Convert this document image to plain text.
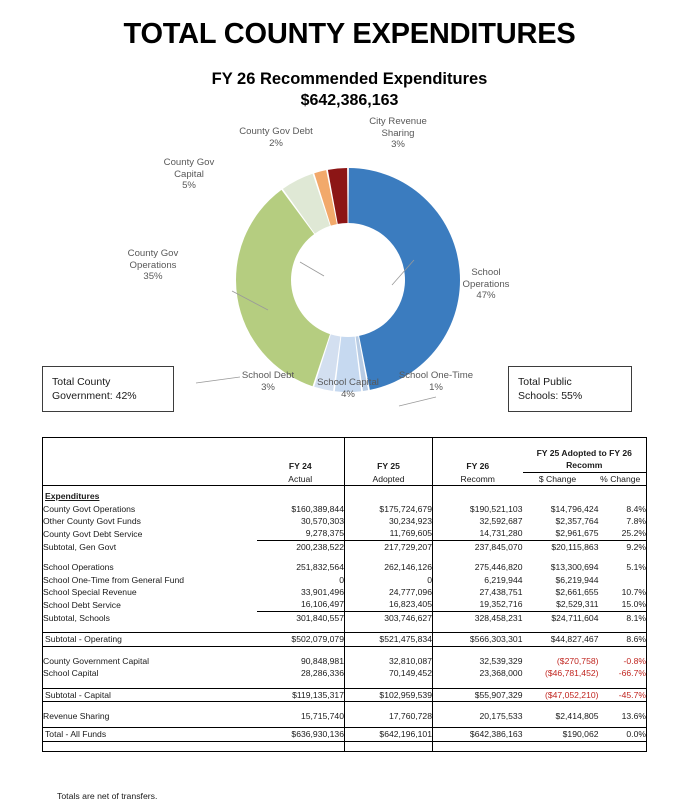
TOTAL COUNTY EXPENDITURES
FY 26 Recommended Expenditures
$642,386,163
City Revenue
Sharing
3%
County Gov Debt
2%
County Gov
Capital
5%
County Gov
Operations
35%	School
Operations
47%
School Debt
3%	School Capital
4%
School One-Time
1%
Total County
Government: 42%
Total Public
Schools: 55%
	FY 24	FY 25	FY 26	FY 25 Adopted to FY 26 Recomm	

	Actual	Adopted	Recomm	$ Change	% Change
Expenditures					
County Govt Operations	$160,389,844	$175,724,679	$190,521,103	$14,796,424	8.4%
Other County Govt Funds	30,570,303	30,234,923	32,592,687	$2,357,764	7.8%
County Govt Debt Service	9,278,375	11,769,605	14,731,280	$2,961,675	25.2%
Subtotal, Gen Govt	200,238,522	217,729,207	237,845,070	$20,115,863	9.2%

School Operations	251,832,564	262,146,126	275,446,820	$13,300,694	5.1%
School One-Time from General Fund	0	0	6,219,944	$6,219,944	
School Special Revenue	33,901,496	24,777,096	27,438,751	$2,661,655	10.7%
School Debt Service	16,106,497	16,823,405	19,352,716	$2,529,311	15.0%
Subtotal, Schools	301,840,557	303,746,627	328,458,231	$24,711,604	8.1%

Subtotal - Operating	$502,079,079	$521,475,834	$566,303,301	$44,827,467	8.6%

County Government Capital	90,848,981	32,810,087	32,539,329	($270,758)	-0.8%
School Capital	28,286,336	70,149,452	23,368,000	($46,781,452)	-66.7%

Subtotal - Capital	$119,135,317	$102,959,539	$55,907,329	($47,052,210)	-45.7%

Revenue Sharing	15,715,740	17,760,728	20,175,533	$2,414,805	13.6%

Total - All Funds	$636,930,136	$642,196,101	$642,386,163	$190,062	0.0%

Totals are net of transfers.
